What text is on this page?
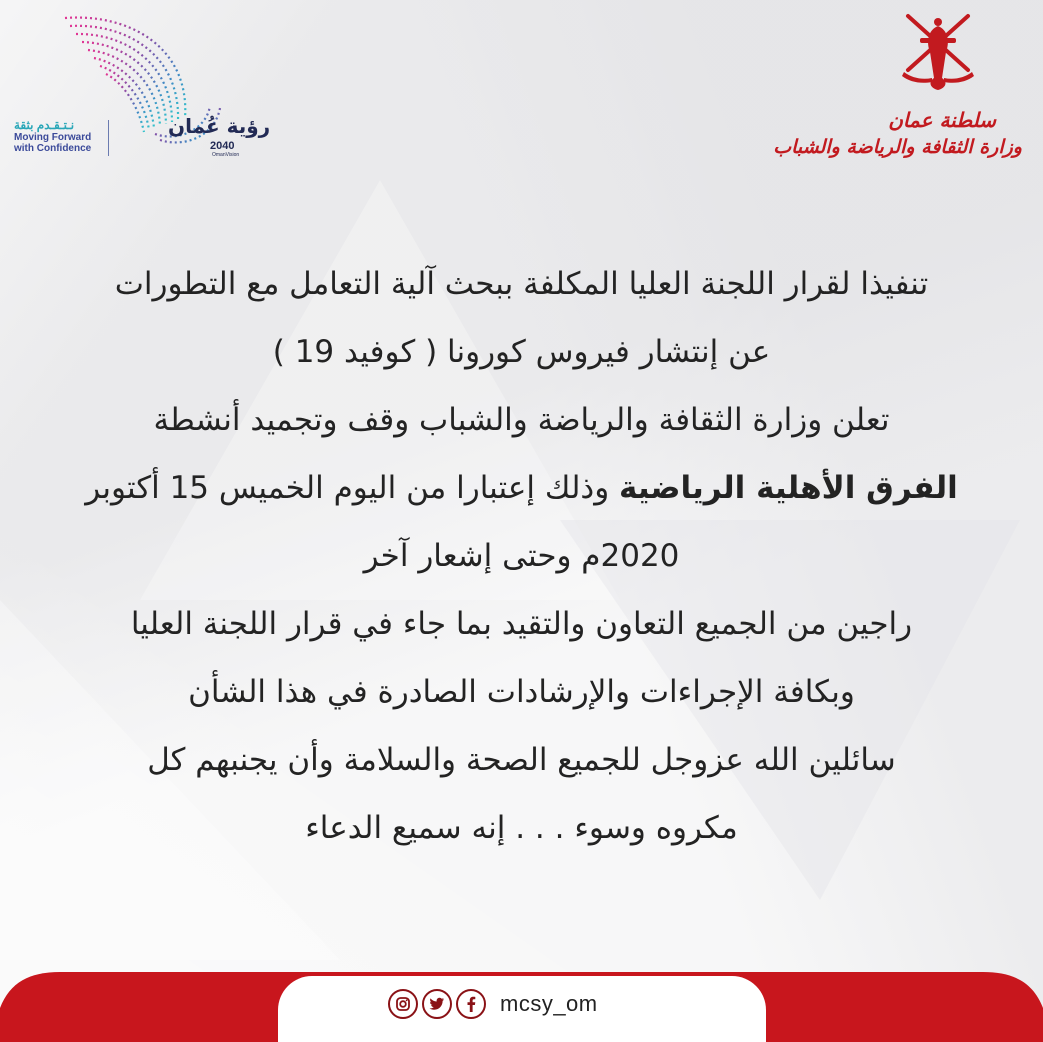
نـتـقـدم بثقة
Moving Forward
with Confidence
رؤية عُمان
2040
OmanVision
سلطنة عمان
وزارة الثقافة والرياضة والشباب
تنفيذا لقرار اللجنة العليا المكلفة ببحث آلية التعامل مع التطورات
عن إنتشار فيروس كورونا ( كوفيد 19 )
تعلن وزارة الثقافة والرياضة والشباب وقف وتجميد أنشطة
الفرق الأهلية الرياضية وذلك إعتبارا من اليوم الخميس 15 أكتوبر
2020م وحتى إشعار آخر
راجين من الجميع التعاون والتقيد بما جاء في قرار اللجنة العليا
وبكافة الإجراءات والإرشادات الصادرة في هذا الشأن
سائلين الله عزوجل للجميع الصحة والسلامة وأن يجنبهم كل
مكروه وسوء . . . إنه سميع الدعاء
mcsy_om
